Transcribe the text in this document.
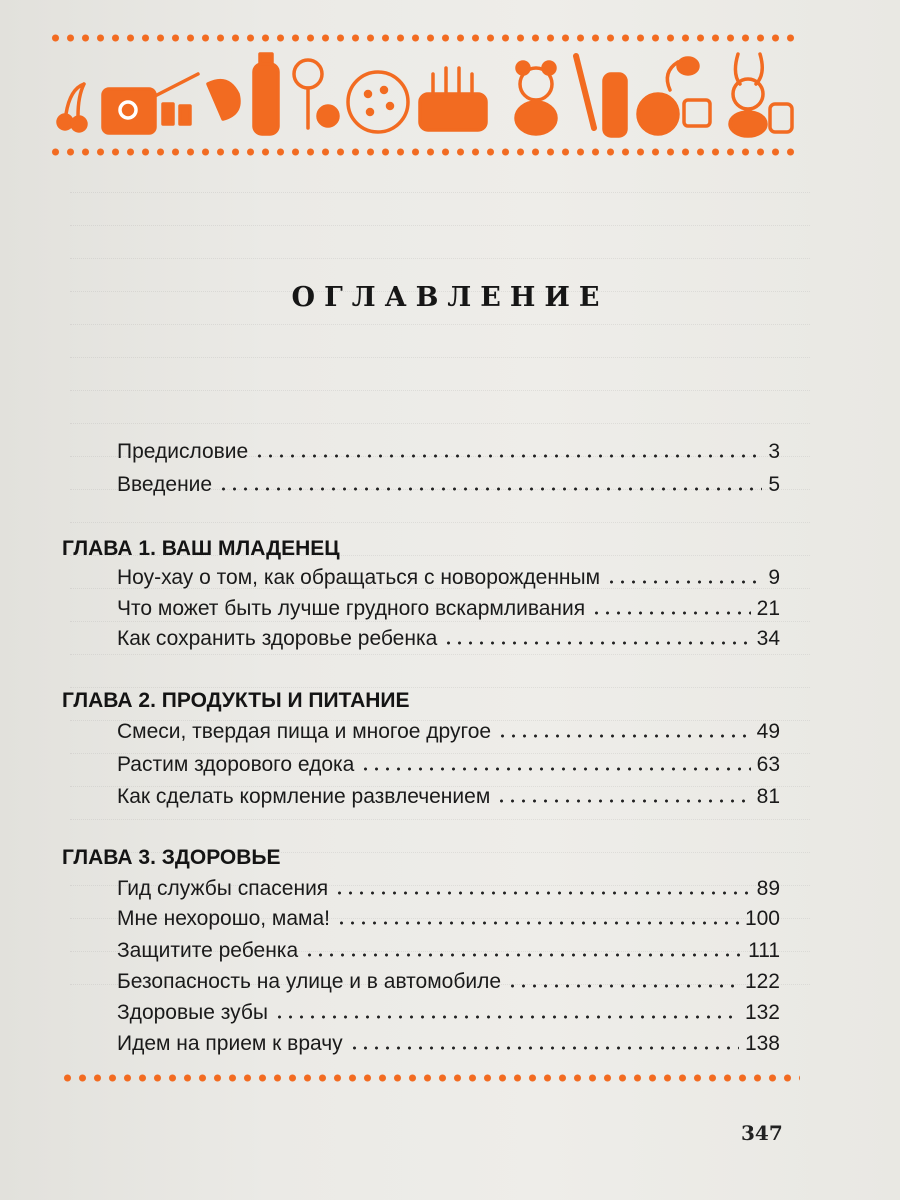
ОГЛАВЛЕНИЕ
Предисловие	3
Введение	5
ГЛАВА 1. ВАШ МЛАДЕНЕЦ
Ноу-хау о том, как обращаться с новорожденным	9
Что может быть лучше грудного вскармливания	21
Как сохранить здоровье ребенка	34
ГЛАВА 2. ПРОДУКТЫ И ПИТАНИЕ
Смеси, твердая пища и многое другое	49
Растим здорового едока	63
Как сделать кормление развлечением	81
ГЛАВА 3. ЗДОРОВЬЕ
Гид службы спасения	89
Мне нехорошо, мама!	100
Защитите ребенка	111
Безопасность на улице и в автомобиле	122
Здоровые зубы	132
Идем на прием к врачу	138
347
